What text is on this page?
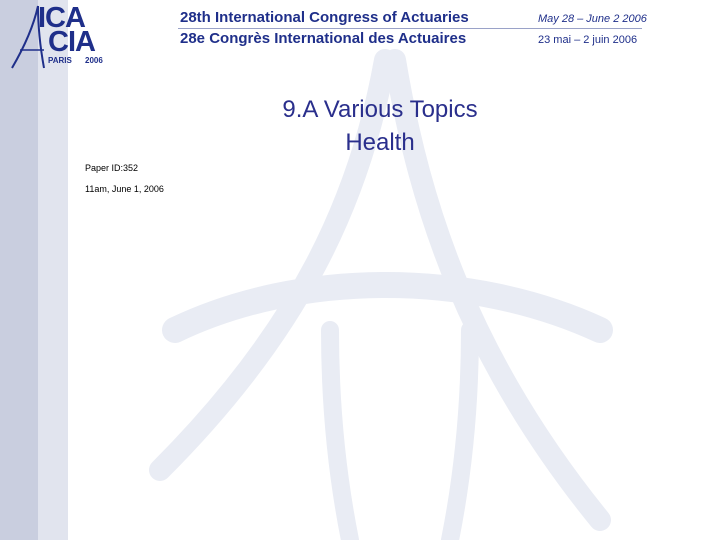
ICA
CIA
PARIS 2006
28th International Congress of Actuaries
28e Congrès International des Actuaires
May 28 – June 2 2006
23 mai – 2 juin 2006
9.A Various Topics
Health
Paper ID:352
11am, June 1, 2006
